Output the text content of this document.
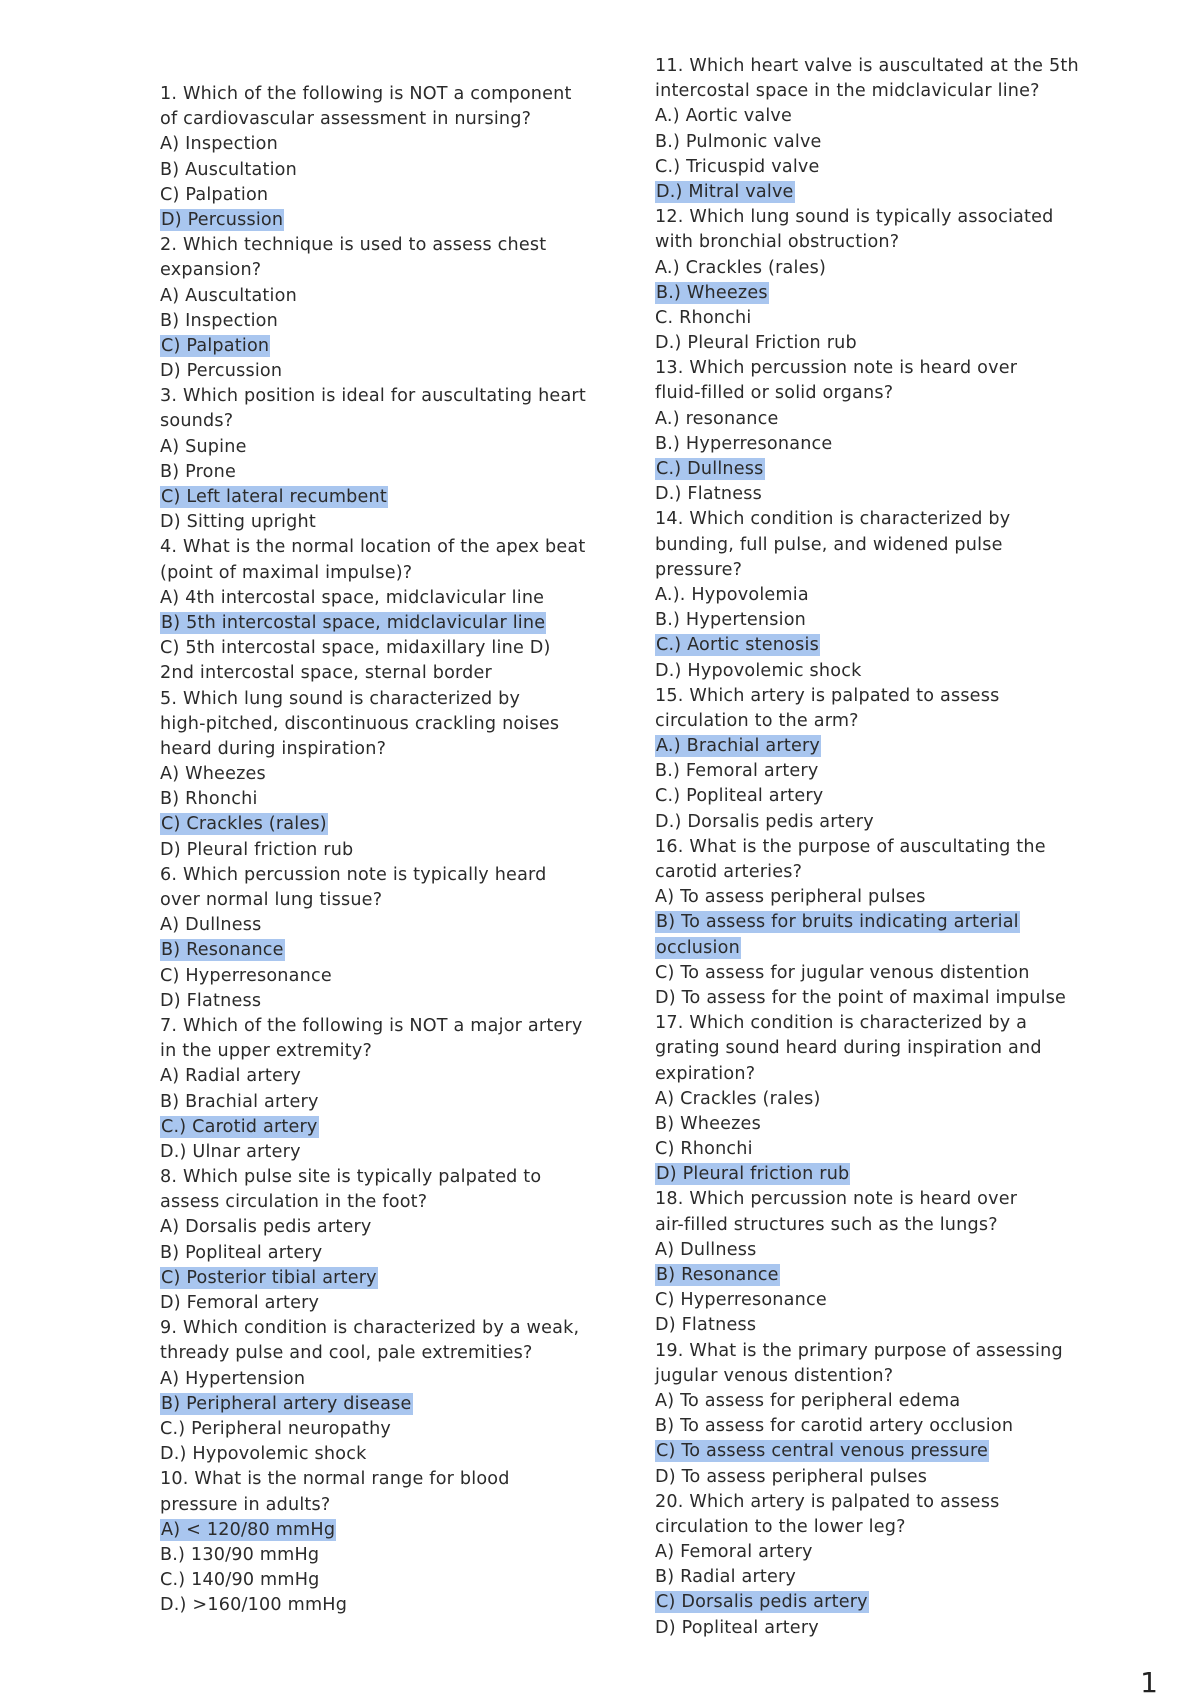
1. Which of the following is NOT a component
of cardiovascular assessment in nursing?
A) Inspection
B) Auscultation
C) Palpation
D) Percussion
2. Which technique is used to assess chest
expansion?
A) Auscultation
B) Inspection
C) Palpation
D) Percussion
3. Which position is ideal for auscultating heart
sounds?
A) Supine
B) Prone
C) Left lateral recumbent
D) Sitting upright
4. What is the normal location of the apex beat
(point of maximal impulse)?
A) 4th intercostal space, midclavicular line
B) 5th intercostal space, midclavicular line
C) 5th intercostal space, midaxillary line D)
2nd intercostal space, sternal border
5. Which lung sound is characterized by
high-pitched, discontinuous crackling noises
heard during inspiration?
A) Wheezes
B) Rhonchi
C) Crackles (rales)
D) Pleural friction rub
6. Which percussion note is typically heard
over normal lung tissue?
A) Dullness
B) Resonance
C) Hyperresonance
D) Flatness
7. Which of the following is NOT a major artery
in the upper extremity?
A) Radial artery
B) Brachial artery
C.) Carotid artery
D.) Ulnar artery
8. Which pulse site is typically palpated to
assess circulation in the foot?
A) Dorsalis pedis artery
B) Popliteal artery
C) Posterior tibial artery
D) Femoral artery
9. Which condition is characterized by a weak,
thready pulse and cool, pale extremities?
A) Hypertension
B) Peripheral artery disease
C.) Peripheral neuropathy
D.) Hypovolemic shock
10. What is the normal range for blood
pressure in adults?
A) < 120/80 mmHg
B.) 130/90 mmHg
C.) 140/90 mmHg
D.) >160/100 mmHg
11. Which heart valve is auscultated at the 5th
intercostal space in the midclavicular line?
A.) Aortic valve
B.) Pulmonic valve
C.) Tricuspid valve
D.) Mitral valve
12. Which lung sound is typically associated
with bronchial obstruction?
A.) Crackles (rales)
B.) Wheezes
C. Rhonchi
D.) Pleural Friction rub
13. Which percussion note is heard over
fluid-filled or solid organs?
A.) resonance
B.) Hyperresonance
C.) Dullness
D.) Flatness
14. Which condition is characterized by
bunding, full pulse, and widened pulse
pressure?
A.). Hypovolemia
B.) Hypertension
C.) Aortic stenosis
D.) Hypovolemic shock
15. Which artery is palpated to assess
circulation to the arm?
A.) Brachial artery
B.) Femoral artery
C.) Popliteal artery
D.) Dorsalis pedis artery
16. What is the purpose of auscultating the
carotid arteries?
A) To assess peripheral pulses
B) To assess for bruits indicating arterial
occlusion
C) To assess for jugular venous distention
D) To assess for the point of maximal impulse
17. Which condition is characterized by a
grating sound heard during inspiration and
expiration?
A) Crackles (rales)
B) Wheezes
C) Rhonchi
D) Pleural friction rub
18. Which percussion note is heard over
air-filled structures such as the lungs?
A) Dullness
B) Resonance
C) Hyperresonance
D) Flatness
19. What is the primary purpose of assessing
jugular venous distention?
A) To assess for peripheral edema
B) To assess for carotid artery occlusion
C) To assess central venous pressure
D) To assess peripheral pulses
20. Which artery is palpated to assess
circulation to the lower leg?
A) Femoral artery
B) Radial artery
C) Dorsalis pedis artery
D) Popliteal artery
1
